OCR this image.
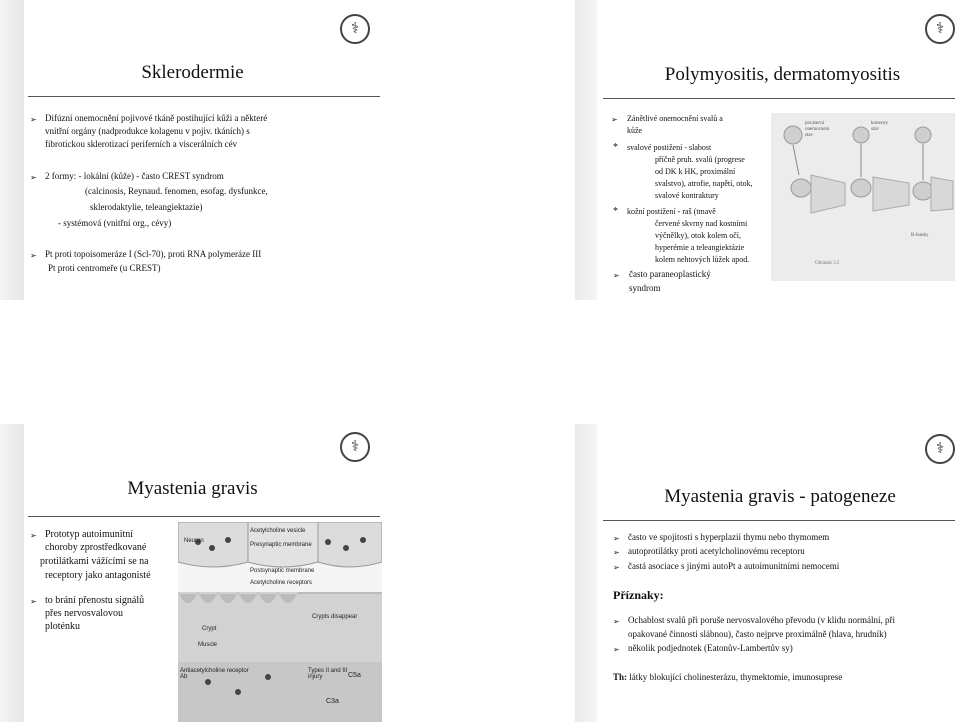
⚕
Sklerodermie
➢ Difúzní onemocnění pojivové tkáně postihující kůži a některé
vnitřní orgány (nadprodukce kolagenu v pojiv. tkáních) s
fibrotickou sklerotizací periferních a viscerálních cév
➢ 2 formy: - lokální (kůže) - často CREST syndrom
(calcinosis, Reynaud. fenomen, esofag. dysfunkce,
sklerodaktylie, teleangiektazie)
- systémová (vnitřní org., cévy)
➢ Pt proti topoisomeráze I (Scl-70), proti RNA polymeráze III
Pt proti centromeře (u CREST)
⚕
Polymyositis, dermatomyositis
➢ Zánětlivé onemocnění svalů a
kůže
* svalové postižení - slabost
příčně pruh. svalů (progrese
od DK k HK, proximální
svalstvo), atrofie, napětí, otok,
svalové kontraktury
* kožní postižení - raš (tmavě
červené skvrny nad kostními
výčnělky), otok kolem očí,
hyperémie a teleangiektázie
kolem nehtových lůžek apod.
➢ často paraneoplastický
syndrom
pocatecni
onemocneni
stav
konecny
stav
B-bunky
Obrázek 3.5
⚕
Myastenia gravis
➢ Prototyp autoimunitní
choroby zprostředkované
protilátkami vážícími se na
receptory jako antagonisté
➢ to brání přenostu signálů
přes nervosvalovou
ploténku
Neuron
Acetylcholine vesicle
Presynaptic membrane
Postsynaptic membrane
Acetylcholine receptors
Crypt
Muscle
Crypts disappear
Antiacetylcholine receptor Ab
Types II and III injury	C5a
C3a
⚕
Myastenia gravis - patogeneze
➢ často ve spojitosti s hyperplazií thymu nebo thymomem
➢ autoprotilátky proti acetylcholinovému receptoru
➢ častá asociace s jinými autoPt a autoimunitními nemocemi
Příznaky:
➢ Ochablost svalů při poruše nervosvalového převodu (v klidu normální, při
opakované činnosti slábnou), často nejprve proximálně (hlava, hrudník)
➢ několik podjednotek (Eatonův-Lambertův sy)
Th: látky blokující cholinesterázu, thymektomie, imunosuprese
